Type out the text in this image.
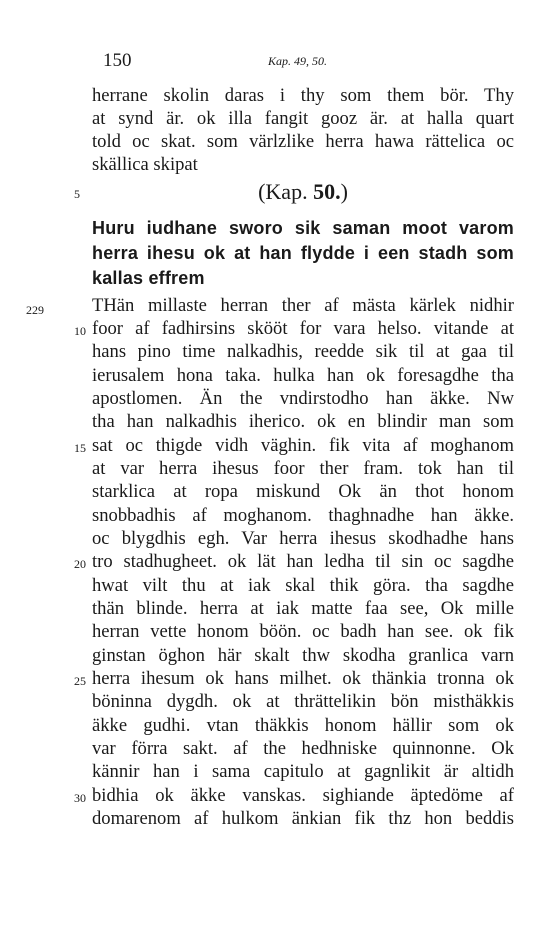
150	Kap. 49, 50.
herrane skolin daras i thy som them bör. Thy
at synd är. ok illa fangit gooz är. at halla quart
told oc skat. som värlzlike herra hawa rättelica oc
skällica skipat
5	(Kap. 50.)
Huru iudhane sworo sik saman moot varom
herra ihesu ok at han flydde i een stadh som
kallas effrem
229	THän millaste herran ther af mästa kärlek nidhir
foor af fadhirsins skööt for vara helso. vitande at
hans pino time nalkadhis, reedde sik til at gaa til
ierusalem hona taka. hulka han ok foresagdhe tha
apostlomen. Än the vndirstodho han äkke. Nw
tha han nalkadhis iherico. ok en blindir man som
sat oc thigde vidh väghin. fik vita af moghanom
at var herra ihesus foor ther fram. tok han til
starklica at ropa miskund Ok än thot honom
snobbadhis af moghanom. thaghnadhe han äkke.
oc blygdhis egh. Var herra ihesus skodhadhe hans
tro stadhugheet. ok lät han ledha til sin oc sagdhe
hwat vilt thu at iak skal thik göra. tha sagdhe
thän blinde. herra at iak matte faa see, Ok mille
herran vette honom böön. oc badh han see. ok fik
ginstan öghon här skalt thw skodha granlica varn
herra ihesum ok hans milhet. ok thänkia tronna ok
böninna dygdh. ok at thrättelikin bön misthäkkis
äkke gudhi. vtan thäkkis honom hällir som ok
var förra sakt. af the hedhniske quinnonne. Ok
kännir han i sama capitulo at gagnlikit är altidh
bidhia ok äkke vanskas. sighiande äptedöme af
domarenom af hulkom änkian fik thz hon beddis
10
15
20
25
30
